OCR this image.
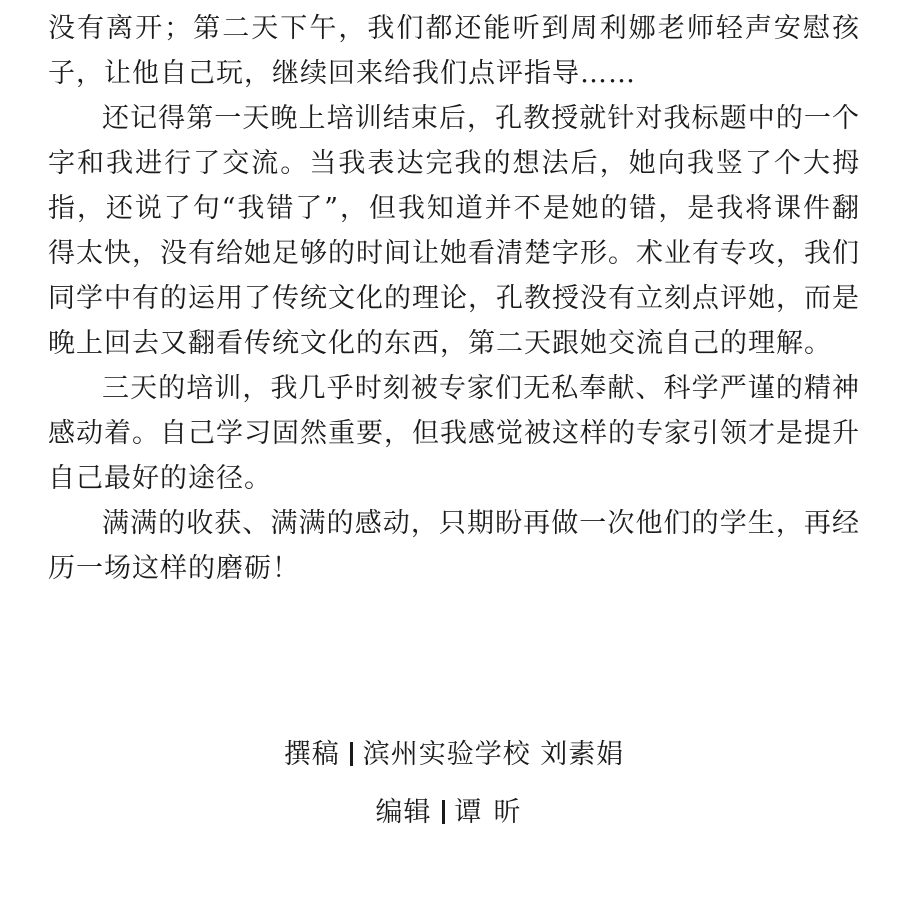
没有离开；第二天下午，我们都还能听到周利娜老师轻声安慰孩子，让他自己玩，继续回来给我们点评指导……

还记得第一天晚上培训结束后，孔教授就针对我标题中的一个字和我进行了交流。当我表达完我的想法后，她向我竖了个大拇指，还说了句“我错了”，但我知道并不是她的错，是我将课件翻得太快，没有给她足够的时间让她看清楚字形。术业有专攻，我们同学中有的运用了传统文化的理论，孔教授没有立刻点评她，而是晚上回去又翻看传统文化的东西，第二天跟她交流自己的理解。

三天的培训，我几乎时刻被专家们无私奉献、科学严谨的精神感动着。自己学习固然重要，但我感觉被这样的专家引领才是提升自己最好的途径。

满满的收获、满满的感动，只期盼再做一次他们的学生，再经历一场这样的磨砺！

撰稿 滨州实验学校 刘素娟
编辑 谭昕
